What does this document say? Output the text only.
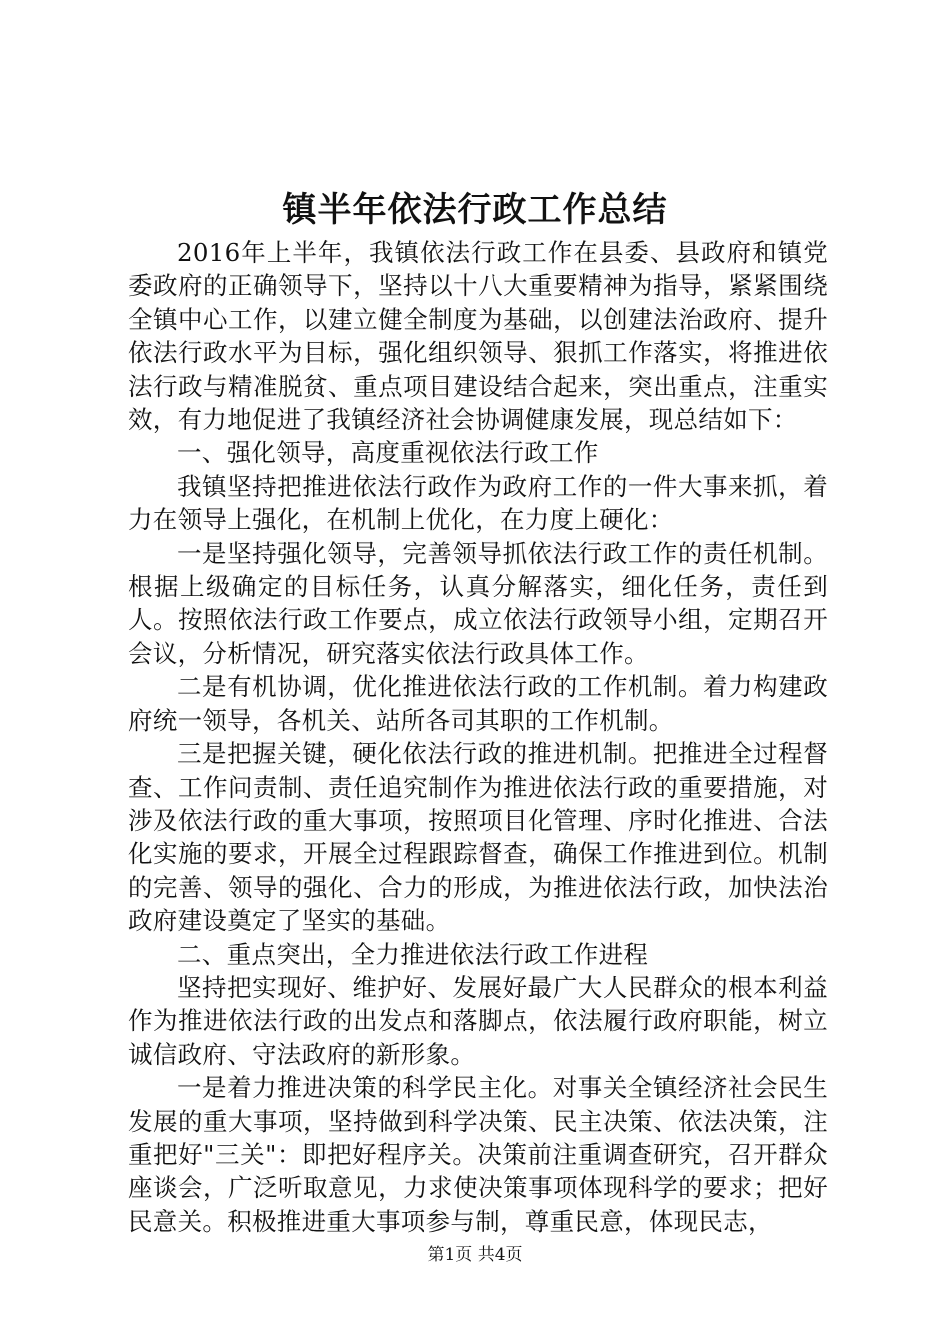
镇半年依法行政工作总结

2016年上半年，我镇依法行政工作在县委、县政府和镇党委政府的正确领导下，坚持以十八大重要精神为指导，紧紧围绕全镇中心工作，以建立健全制度为基础，以创建法治政府、提升依法行政水平为目标，强化组织领导、狠抓工作落实，将推进依法行政与精准脱贫、重点项目建设结合起来，突出重点，注重实效，有力地促进了我镇经济社会协调健康发展，现总结如下：

一、强化领导，高度重视依法行政工作

我镇坚持把推进依法行政作为政府工作的一件大事来抓，着力在领导上强化，在机制上优化，在力度上硬化：

一是坚持强化领导，完善领导抓依法行政工作的责任机制。根据上级确定的目标任务，认真分解落实，细化任务，责任到人。按照依法行政工作要点，成立依法行政领导小组，定期召开会议，分析情况，研究落实依法行政具体工作。

二是有机协调，优化推进依法行政的工作机制。着力构建政府统一领导，各机关、站所各司其职的工作机制。

三是把握关键，硬化依法行政的推进机制。把推进全过程督查、工作问责制、责任追究制作为推进依法行政的重要措施，对涉及依法行政的重大事项，按照项目化管理、序时化推进、合法化实施的要求，开展全过程跟踪督查，确保工作推进到位。机制的完善、领导的强化、合力的形成，为推进依法行政，加快法治政府建设奠定了坚实的基础。

二、重点突出，全力推进依法行政工作进程

坚持把实现好、维护好、发展好最广大人民群众的根本利益作为推进依法行政的出发点和落脚点，依法履行政府职能，树立诚信政府、守法政府的新形象。

一是着力推进决策的科学民主化。对事关全镇经济社会民生发展的重大事项，坚持做到科学决策、民主决策、依法决策，注重把好"三关"：即把好程序关。决策前注重调查研究，召开群众座谈会，广泛听取意见，力求使决策事项体现科学的要求；把好民意关。积极推进重大事项参与制，尊重民意，体现民志，

第1页 共4页
